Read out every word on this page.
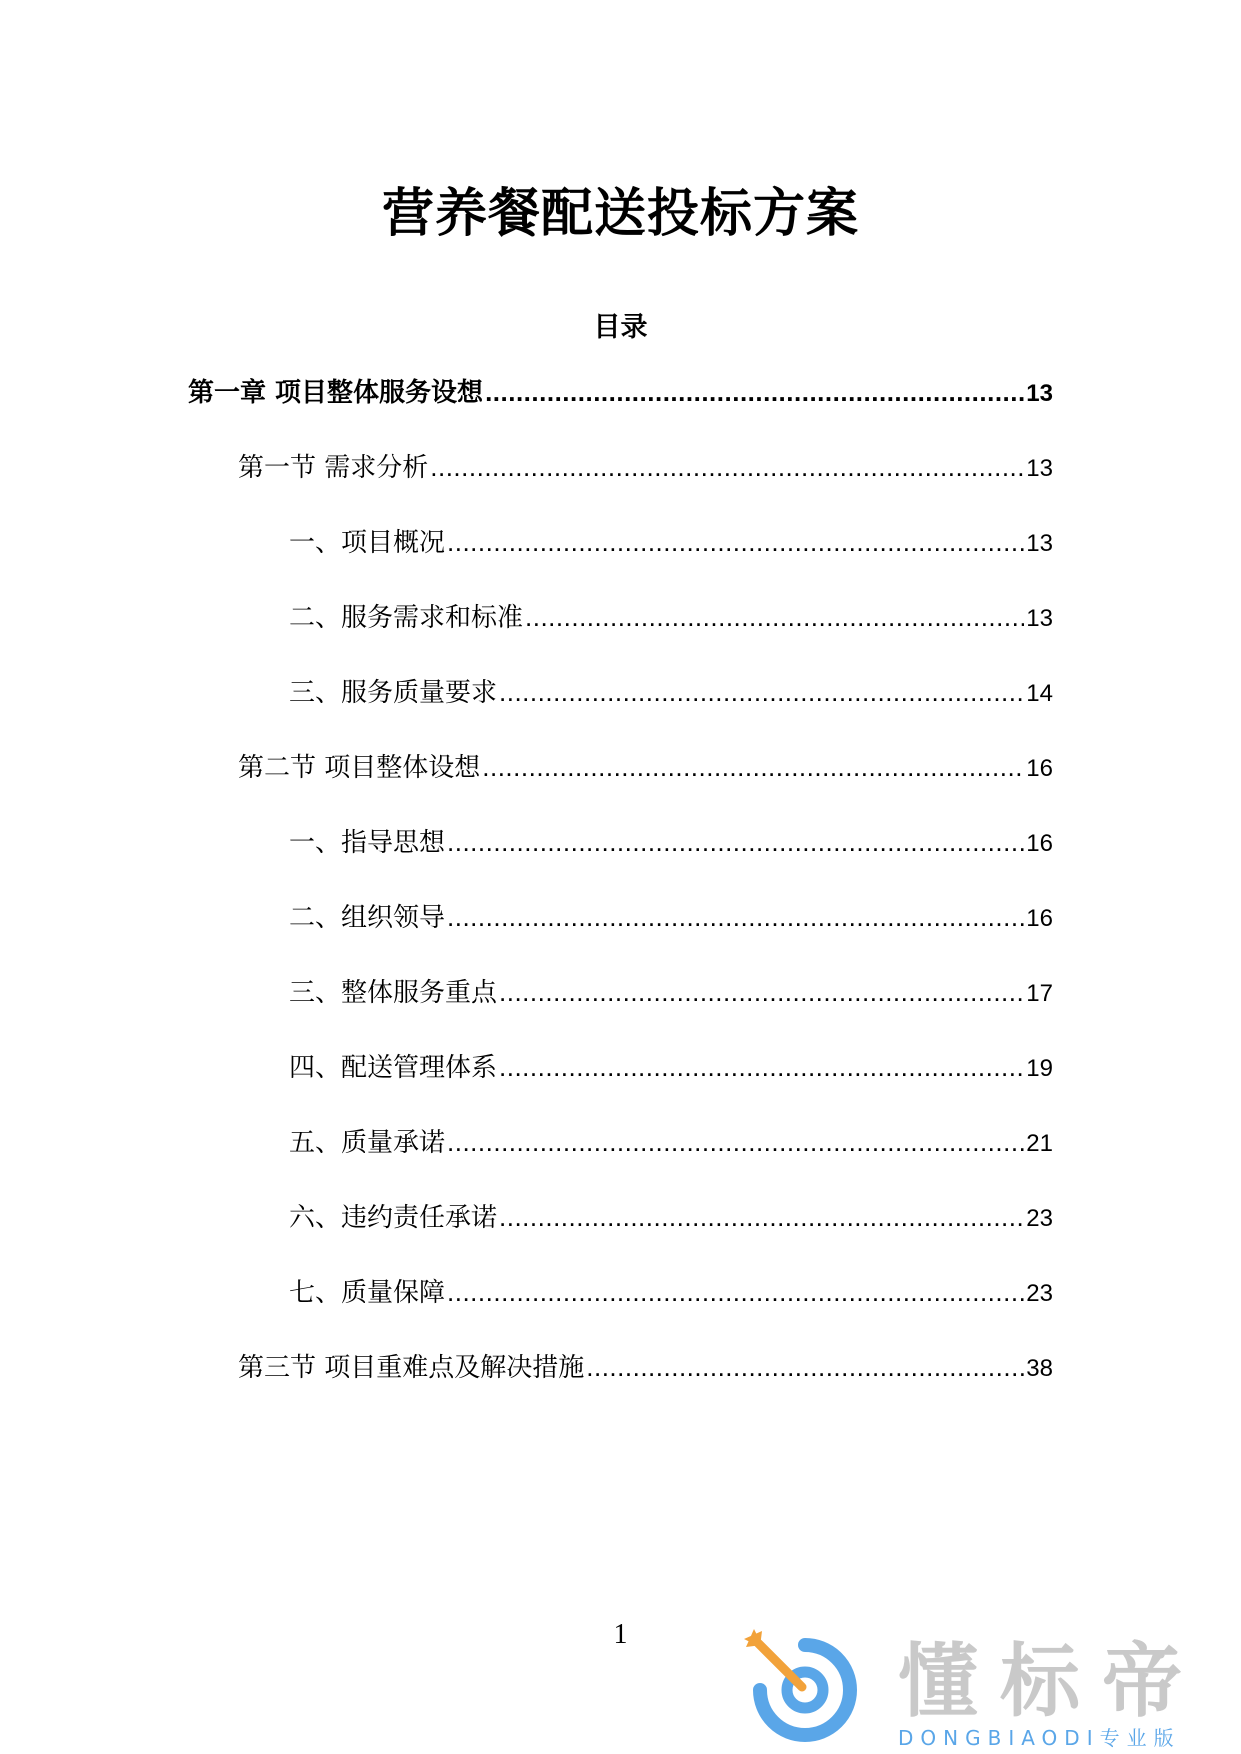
营养餐配送投标方案
目录
第一章 项目整体服务设想 .....	13
第一节 需求分析 .....	13
一、项目概况 .....	13
二、服务需求和标准 .....	13
三、服务质量要求 .....	14
第二节 项目整体设想 .....	16
一、指导思想 .....	16
二、组织领导 .....	16
三、整体服务重点 .....	17
四、配送管理体系 .....	19
五、质量承诺 .....	21
六、违约责任承诺 .....	23
七、质量保障 .....	23
第三节 项目重难点及解决措施 .....	38
1
懂标帝
DONGBIAODI专业版
